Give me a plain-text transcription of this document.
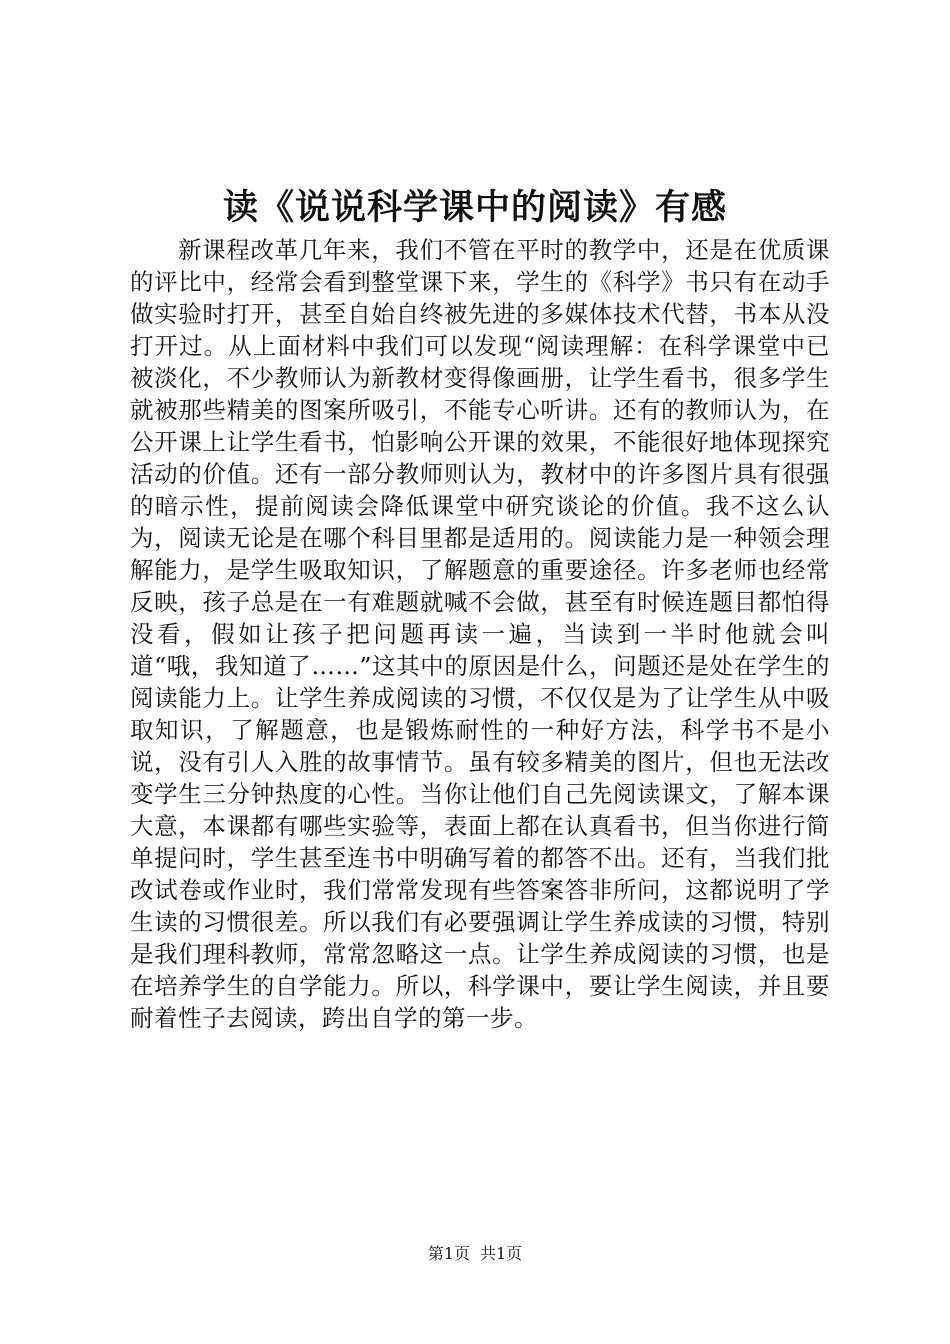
读《说说科学课中的阅读》有感

新课程改革几年来，我们不管在平时的教学中，还是在优质课的评比中，经常会看到整堂课下来，学生的《科学》书只有在动手做实验时打开，甚至自始自终被先进的多媒体技术代替，书本从没打开过。从上面材料中我们可以发现“阅读理解：在科学课堂中已被淡化，不少教师认为新教材变得像画册，让学生看书，很多学生就被那些精美的图案所吸引，不能专心听讲。还有的教师认为，在公开课上让学生看书，怕影响公开课的效果，不能很好地体现探究活动的价值。还有一部分教师则认为，教材中的许多图片具有很强的暗示性，提前阅读会降低课堂中研究谈论的价值。我不这么认为，阅读无论是在哪个科目里都是适用的。阅读能力是一种领会理解能力，是学生吸取知识，了解题意的重要途径。许多老师也经常反映，孩子总是在一有难题就喊不会做，甚至有时候连题目都怕得没看，假如让孩子把问题再读一遍，当读到一半时他就会叫道“哦，我知道了……”这其中的原因是什么，问题还是处在学生的阅读能力上。让学生养成阅读的习惯，不仅仅是为了让学生从中吸取知识，了解题意，也是锻炼耐性的一种好方法，科学书不是小说，没有引人入胜的故事情节。虽有较多精美的图片，但也无法改变学生三分钟热度的心性。当你让他们自己先阅读课文，了解本课大意，本课都有哪些实验等，表面上都在认真看书，但当你进行简单提问时，学生甚至连书中明确写着的都答不出。还有，当我们批改试卷或作业时，我们常常发现有些答案答非所问，这都说明了学生读的习惯很差。所以我们有必要强调让学生养成读的习惯，特别是我们理科教师，常常忽略这一点。让学生养成阅读的习惯，也是在培养学生的自学能力。所以，科学课中，要让学生阅读，并且要耐着性子去阅读，跨出自学的第一步。

第1页 共1页
